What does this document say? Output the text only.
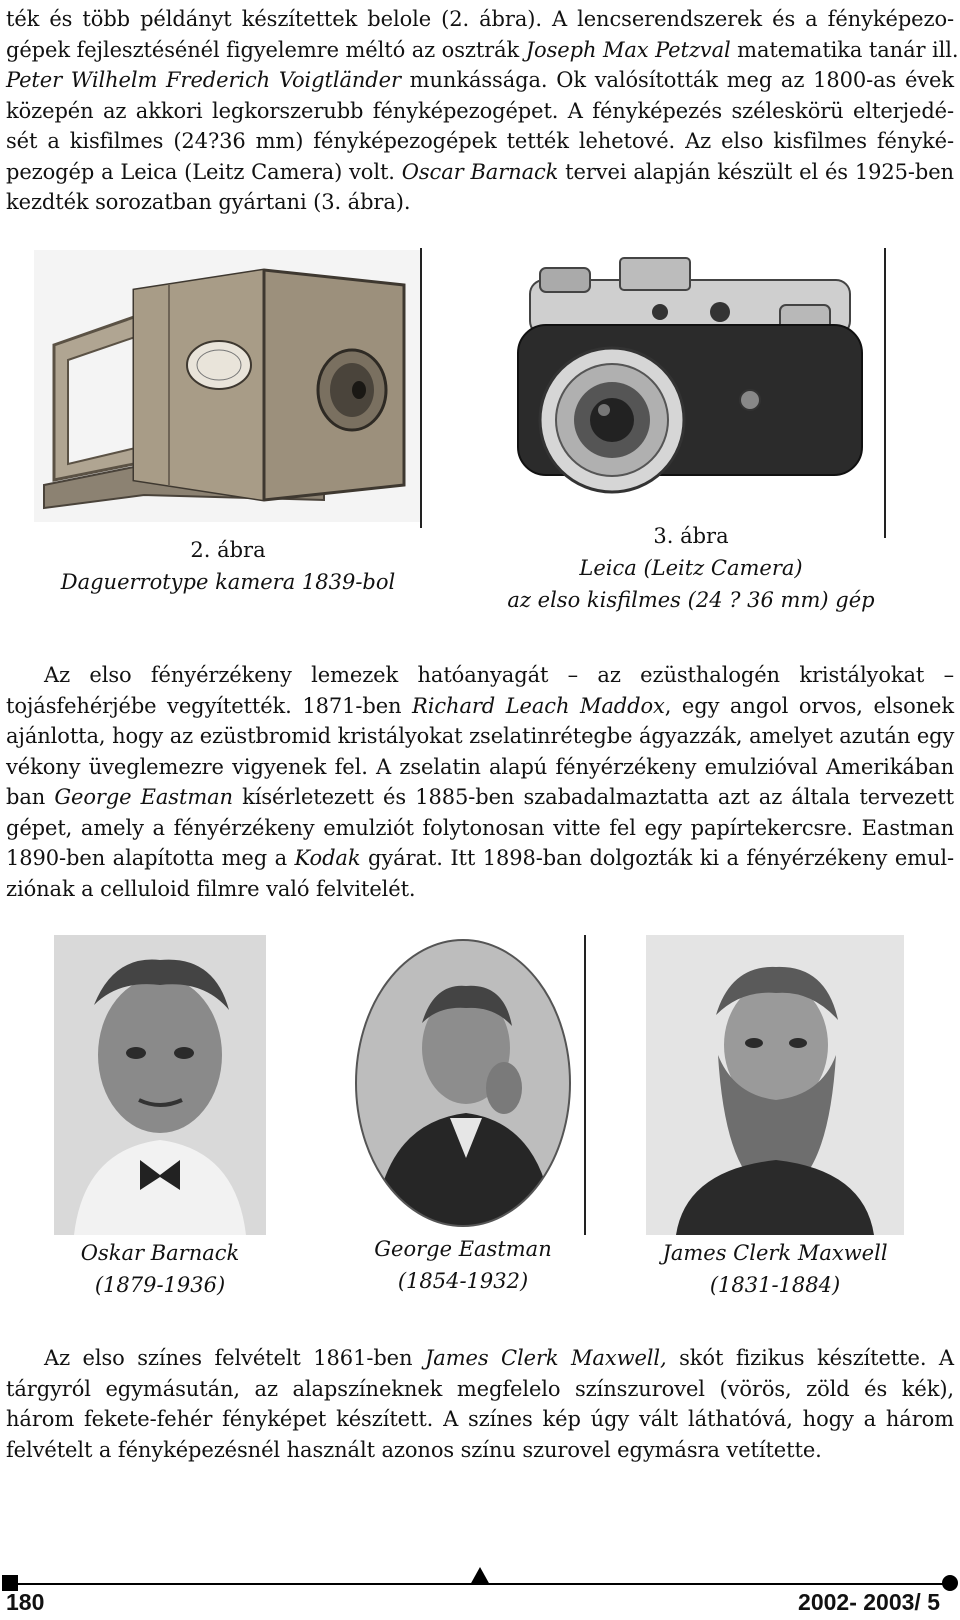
ték és több példányt készítettek belole (2. ábra). A lencserendszerek és a fényképezo-
gépek fejlesztésénél figyelemre méltó az osztrák Joseph Max Petzval matematika tanár ill.
Peter Wilhelm Frederich Voigtländer munkássága. Ok valósították meg az 1800-as évek
közepén az akkori legkorszerubb fényképezogépet. A fényképezés széleskörü elterjedé-
sét a kisfilmes (24?36 mm) fényképezogépek tették lehetové. Az elso kisfilmes fényké-
pezogép a Leica (Leitz Camera) volt. Oscar Barnack tervei alapján készült el és 1925-ben
kezdték sorozatban gyártani (3. ábra).
2. ábra
Daguerrotype kamera 1839-bol
3. ábra
Leica (Leitz Camera)
az elso kisfilmes (24 ? 36 mm) gép
Az elso fényérzékeny lemezek hatóanyagát – az ezüsthalogén kristályokat –
tojásfehérjébe vegyítették. 1871-ben Richard Leach Maddox, egy angol orvos, elsonek
ajánlotta, hogy az ezüstbromid kristályokat zselatinrétegbe ágyazzák, amelyet azután egy
vékony üveglemezre vigyenek fel. A zselatin alapú fényérzékeny emulzióval Amerikában
ban George Eastman kísérletezett és 1885-ben szabadalmaztatta azt az általa tervezett
gépet, amely a fényérzékeny emulziót folytonosan vitte fel egy papírtekercsre. Eastman
1890-ben alapította meg a Kodak gyárat. Itt 1898-ban dolgozták ki a fényérzékeny emul-
ziónak a celluloid filmre való felvitelét.
Oskar Barnack
(1879-1936)
George Eastman
(1854-1932)
James Clerk Maxwell
(1831-1884)
Az elso színes felvételt 1861-ben James Clerk Maxwell, skót fizikus készítette. A
tárgyról egymásután, az alapszíneknek megfelelo színszurovel (vörös, zöld és kék),
három fekete-fehér fényképet készített. A színes kép úgy vált láthatóvá, hogy a három
felvételt a fényképezésnél használt azonos színu szurovel egymásra vetítette.
180	2002- 2003/ 5
